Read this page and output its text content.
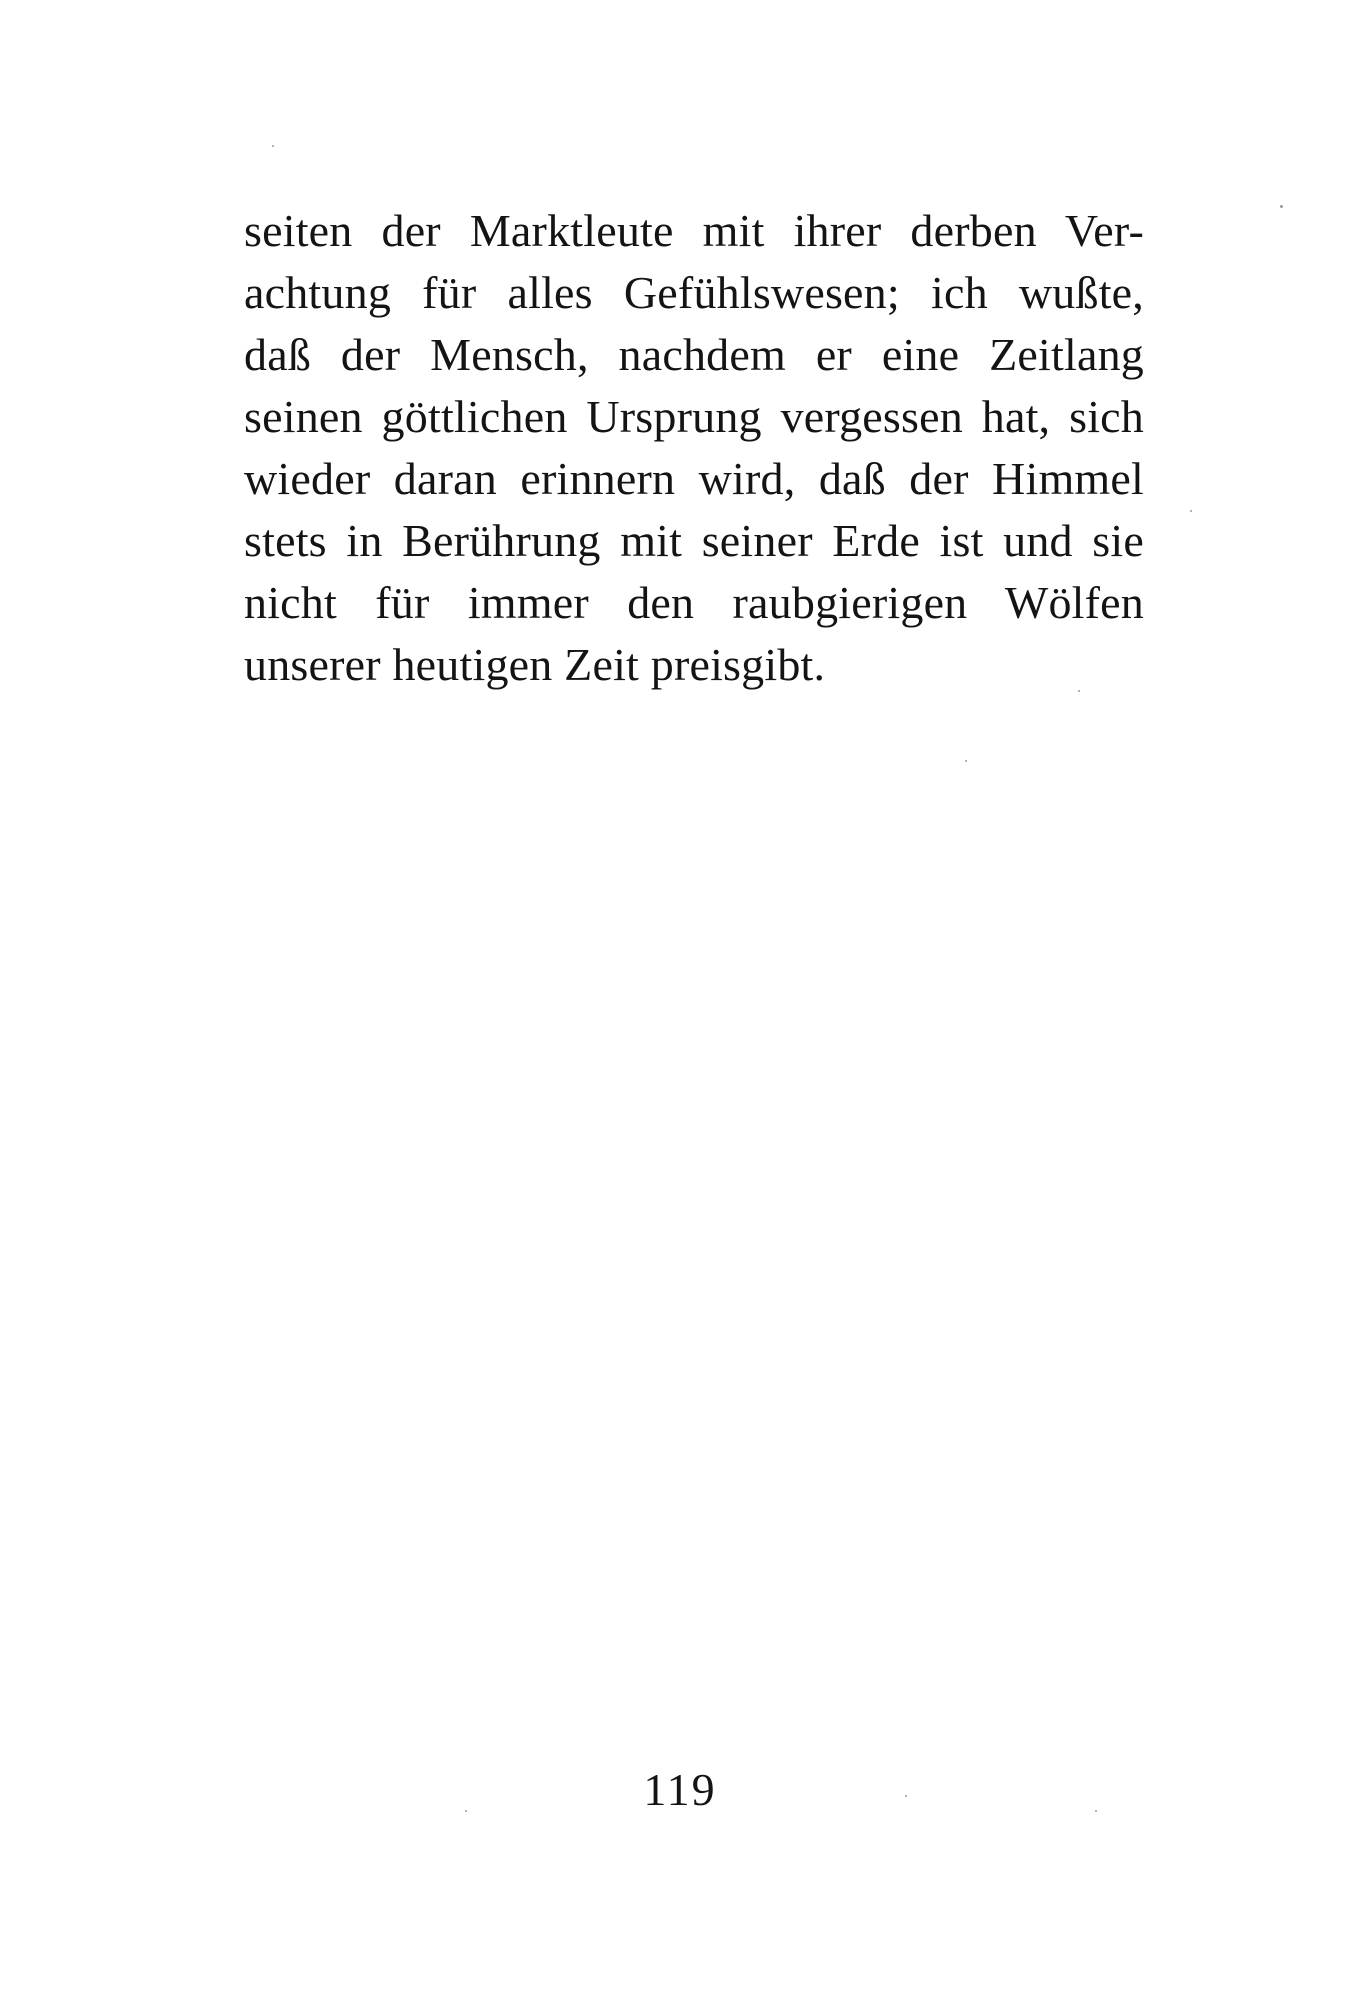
seiten der Marktleute mit ihrer derben Ver-
achtung für alles Gefühlswesen; ich wußte,
daß der Mensch, nachdem er eine Zeitlang
seinen göttlichen Ursprung vergessen hat, sich
wieder daran erinnern wird, daß der Himmel
stets in Berührung mit seiner Erde ist und sie
nicht für immer den raubgierigen Wölfen
unserer heutigen Zeit preisgibt.
119
